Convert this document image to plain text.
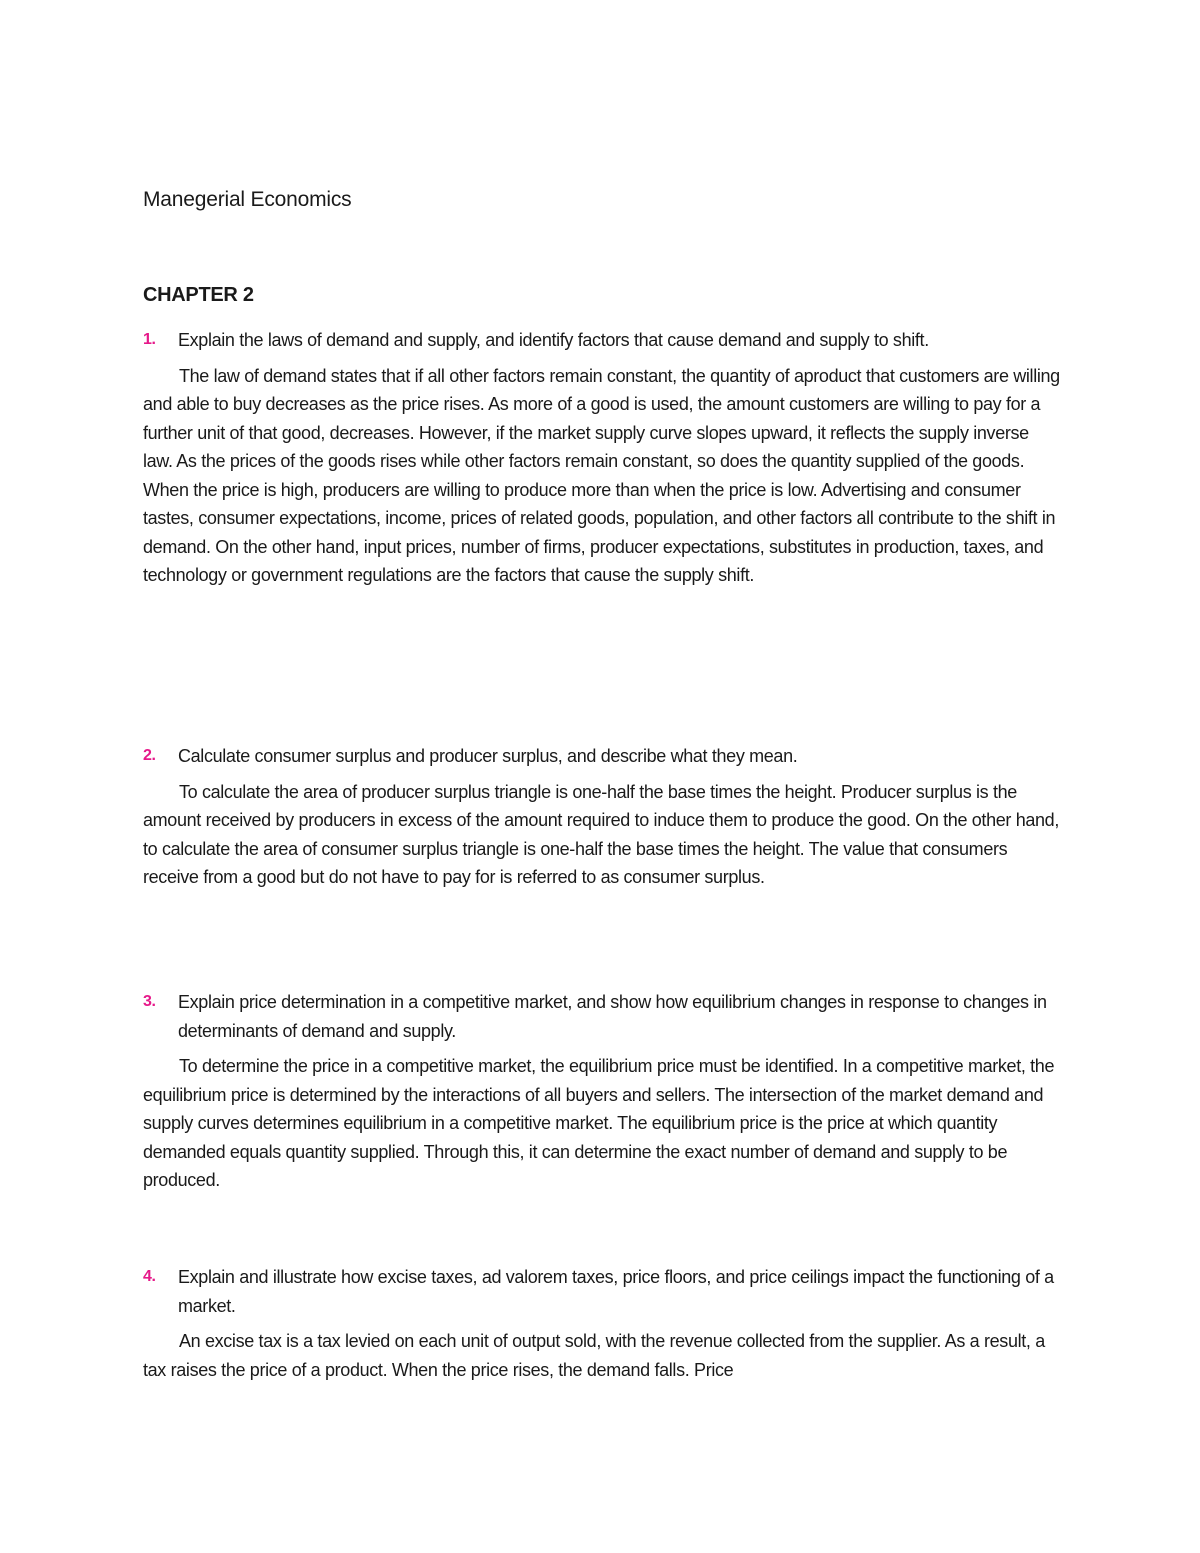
Manegerial Economics
CHAPTER 2
1. Explain the laws of demand and supply, and identify factors that cause demand and supply to shift.

The law of demand states that if all other factors remain constant, the quantity of aproduct that customers are willing and able to buy decreases as the price rises. As more of a good is used, the amount customers are willing to pay for a further unit of that good, decreases. However, if the market supply curve slopes upward, it reflects the supply inverse law. As the prices of the goods rises while other factors remain constant, so does the quantity supplied of the goods. When the price is high, producers are willing to produce more than when the price is low. Advertising and consumer tastes, consumer expectations, income, prices of related goods, population, and other factors all contribute to the shift in demand. On the other hand, input prices, number of firms, producer expectations, substitutes in production, taxes, and technology or government regulations are the factors that cause the supply shift.

2. Calculate consumer surplus and producer surplus, and describe what they mean.

To calculate the area of producer surplus triangle is one-half the base times the height. Producer surplus is the amount received by producers in excess of the amount required to induce them to produce the good. On the other hand, to calculate the area of consumer surplus triangle is one-half the base times the height. The value that consumers receive from a good but do not have to pay for is referred to as consumer surplus.

3. Explain price determination in a competitive market, and show how equilibrium changes in response to changes in determinants of demand and supply.

To determine the price in a competitive market, the equilibrium price must be identified. In a competitive market, the equilibrium price is determined by the interactions of all buyers and sellers. The intersection of the market demand and supply curves determines equilibrium in a competitive market. The equilibrium price is the price at which quantity demanded equals quantity supplied. Through this, it can determine the exact number of demand and supply to be produced.

4. Explain and illustrate how excise taxes, ad valorem taxes, price floors, and price ceilings impact the functioning of a market.

An excise tax is a tax levied on each unit of output sold, with the revenue collected from the supplier. As a result, a tax raises the price of a product. When the price rises, the demand falls. Price
